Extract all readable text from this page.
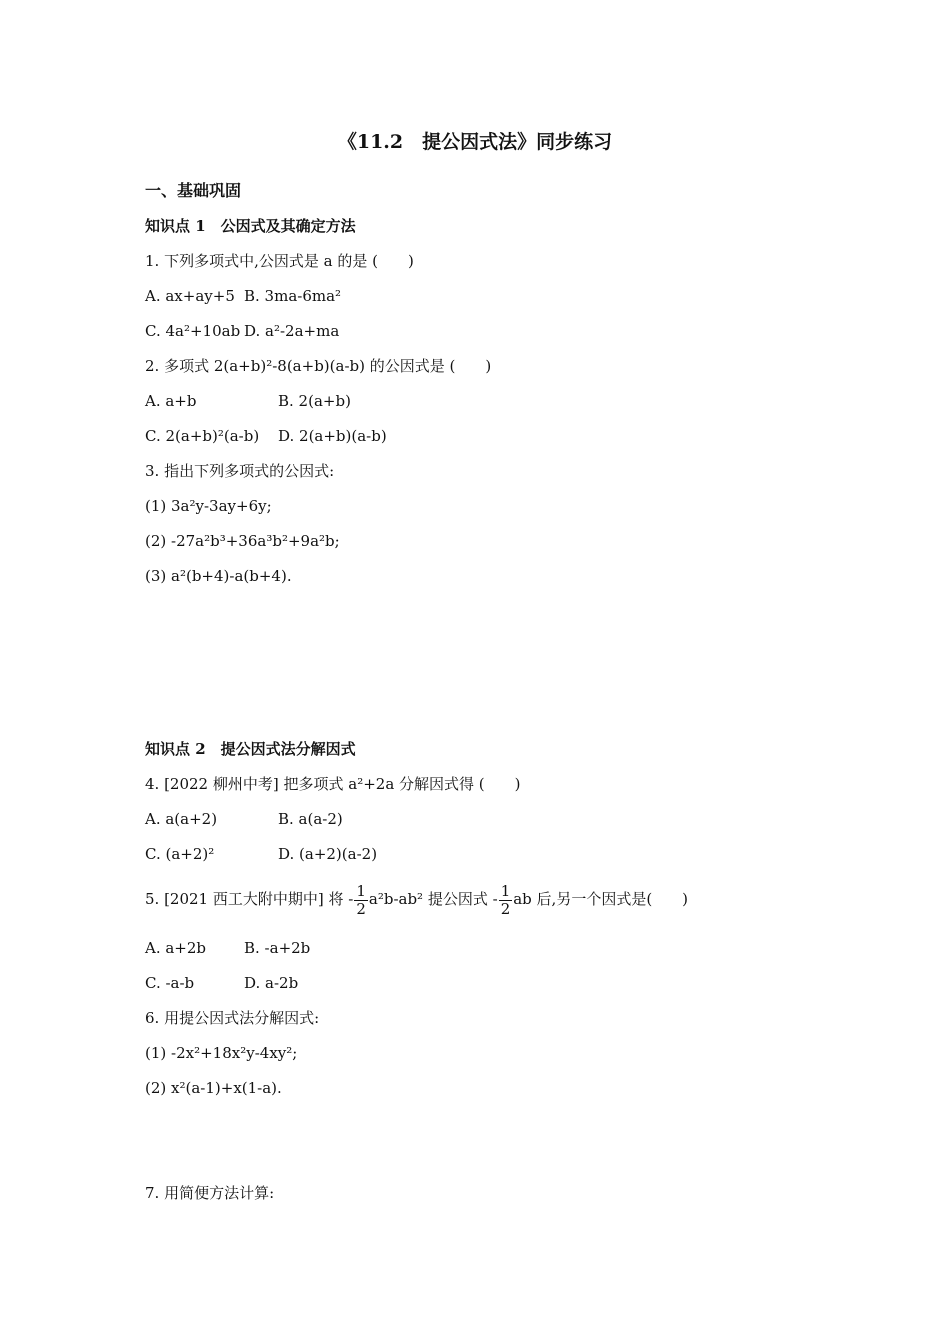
《11.2　提公因式法》同步练习
一、基础巩固
知识点 1　公因式及其确定方法
1. 下列多项式中,公因式是 a 的是 (　　)
A. ax+ay+5 B. 3ma-6ma²
C. 4a²+10ab D. a²-2a+ma
2. 多项式 2(a+b)²-8(a+b)(a-b) 的公因式是 (　　)
A. a+b	B. 2(a+b)
C. 2(a+b)²(a-b) D. 2(a+b)(a-b)
3. 指出下列多项式的公因式:
(1) 3a²y-3ay+6y;
(2) -27a²b³+36a³b²+9a²b;
(3) a²(b+4)-a(b+4).
知识点 2　提公因式法分解因式
4. [2022 柳州中考] 把多项式 a²+2a 分解因式得 (　　)
A. a(a+2)	B. a(a-2)
C. (a+2)²	D. (a+2)(a-2)
5. [2021 西工大附中期中] 将 - $\frac{1}{2} a^2b-ab^2$ 提公因式 - $\frac{1}{2}$ ab 后,另一个因式是(　　)
A. a+2b	B. -a+2b
C. -a-b	D. a-2b
6. 用提公因式法分解因式:
(1) -2x²+18x²y-4xy²;
(2) x²(a-1)+x(1-a).
7. 用简便方法计算:
